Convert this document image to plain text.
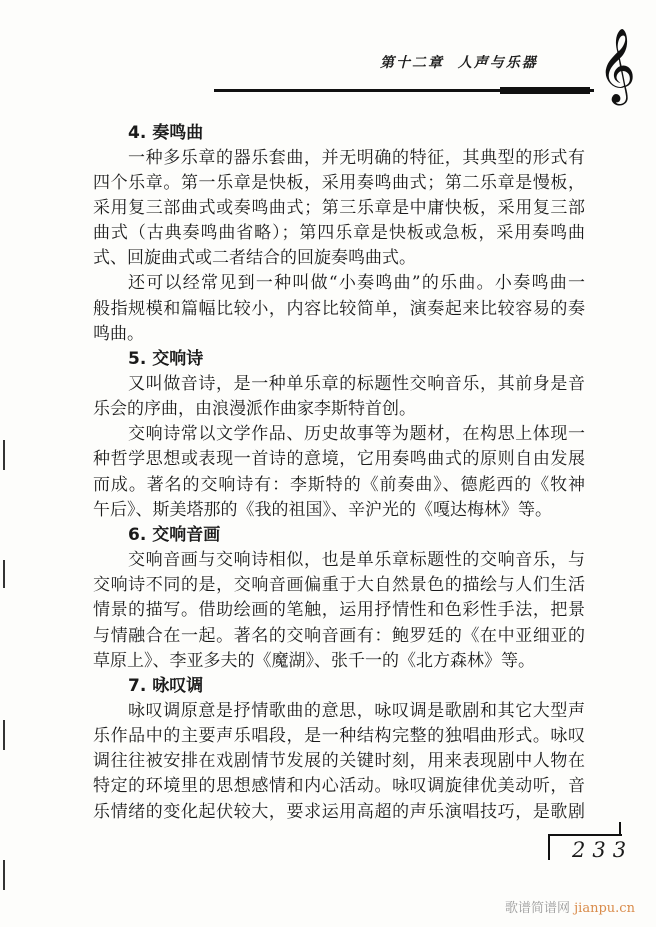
第十二章  人声与乐器 𝄞
4. 奏鸣曲
一种多乐章的器乐套曲，并无明确的特征，其典型的形式有
四个乐章。第一乐章是快板，采用奏鸣曲式；第二乐章是慢板，
采用复三部曲式或奏鸣曲式；第三乐章是中庸快板，采用复三部
曲式（古典奏鸣曲省略）；第四乐章是快板或急板，采用奏鸣曲
式、回旋曲式或二者结合的回旋奏鸣曲式。
还可以经常见到一种叫做“小奏鸣曲”的乐曲。小奏鸣曲一
般指规模和篇幅比较小，内容比较简单，演奏起来比较容易的奏
鸣曲。
5. 交响诗
又叫做音诗，是一种单乐章的标题性交响音乐，其前身是音
乐会的序曲，由浪漫派作曲家李斯特首创。
交响诗常以文学作品、历史故事等为题材，在构思上体现一
种哲学思想或表现一首诗的意境，它用奏鸣曲式的原则自由发展
而成。著名的交响诗有：李斯特的《前奏曲》、德彪西的《牧神
午后》、斯美塔那的《我的祖国》、辛沪光的《嘎达梅林》等。
6. 交响音画
交响音画与交响诗相似，也是单乐章标题性的交响音乐，与
交响诗不同的是，交响音画偏重于大自然景色的描绘与人们生活
情景的描写。借助绘画的笔触，运用抒情性和色彩性手法，把景
与情融合在一起。著名的交响音画有：鲍罗廷的《在中亚细亚的
草原上》、李亚多夫的《魔湖》、张千一的《北方森林》等。
7. 咏叹调
咏叹调原意是抒情歌曲的意思，咏叹调是歌剧和其它大型声
乐作品中的主要声乐唱段，是一种结构完整的独唱曲形式。咏叹
调往往被安排在戏剧情节发展的关键时刻，用来表现剧中人物在
特定的环境里的思想感情和内心活动。咏叹调旋律优美动听，音
乐情绪的变化起伏较大，要求运用高超的声乐演唱技巧，是歌剧
233
歌谱简谱网 jianpu.cn
